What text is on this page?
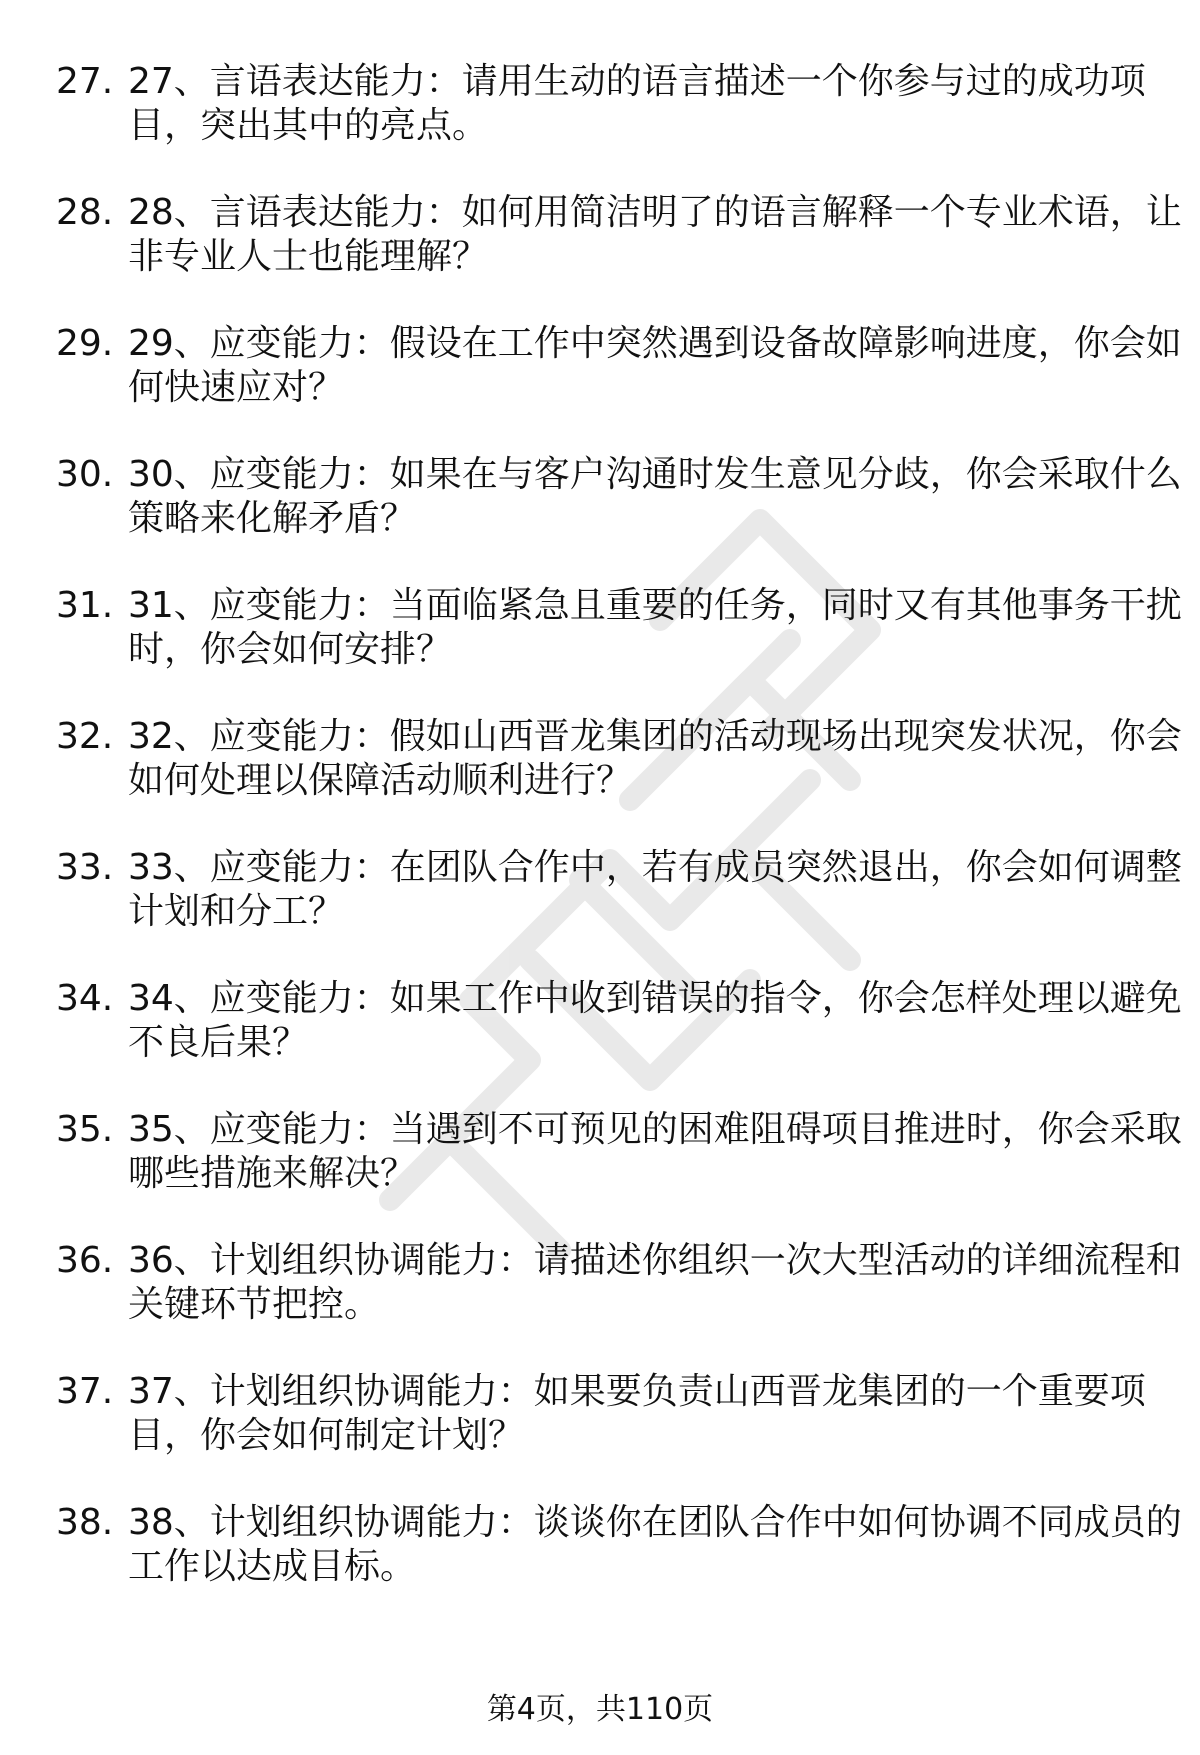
27. 27、言语表达能力：请用生动的语言描述一个你参与过的成功项目，突出其中的亮点。
28. 28、言语表达能力：如何用简洁明了的语言解释一个专业术语，让非专业人士也能理解？
29. 29、应变能力：假设在工作中突然遇到设备故障影响进度，你会如何快速应对？
30. 30、应变能力：如果在与客户沟通时发生意见分歧，你会采取什么策略来化解矛盾？
31. 31、应变能力：当面临紧急且重要的任务，同时又有其他事务干扰时，你会如何安排？
32. 32、应变能力：假如山西晋龙集团的活动现场出现突发状况，你会如何处理以保障活动顺利进行？
33. 33、应变能力：在团队合作中，若有成员突然退出，你会如何调整计划和分工？
34. 34、应变能力：如果工作中收到错误的指令，你会怎样处理以避免不良后果？
35. 35、应变能力：当遇到不可预见的困难阻碍项目推进时，你会采取哪些措施来解决？
36. 36、计划组织协调能力：请描述你组织一次大型活动的详细流程和关键环节把控。
37. 37、计划组织协调能力：如果要负责山西晋龙集团的一个重要项目，你会如何制定计划？
38. 38、计划组织协调能力：谈谈你在团队合作中如何协调不同成员的工作以达成目标。
第4页，共110页
